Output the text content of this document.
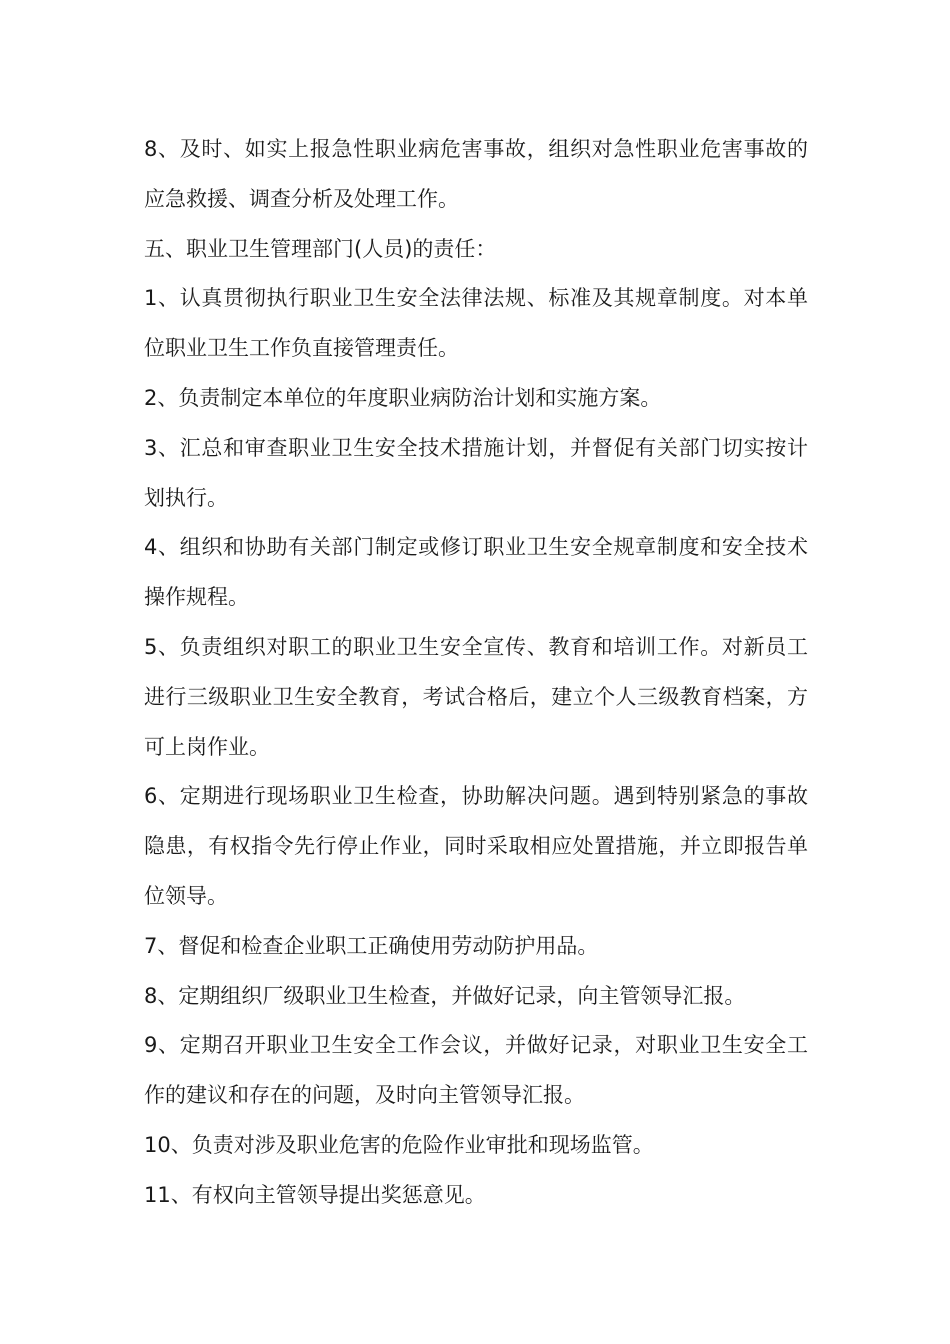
8、及时、如实上报急性职业病危害事故，组织对急性职业危害事故的应急救援、调查分析及处理工作。

五、职业卫生管理部门(人员)的责任：

1、认真贯彻执行职业卫生安全法律法规、标准及其规章制度。对本单位职业卫生工作负直接管理责任。

2、负责制定本单位的年度职业病防治计划和实施方案。

3、汇总和审查职业卫生安全技术措施计划，并督促有关部门切实按计划执行。

4、组织和协助有关部门制定或修订职业卫生安全规章制度和安全技术操作规程。

5、负责组织对职工的职业卫生安全宣传、教育和培训工作。对新员工进行三级职业卫生安全教育，考试合格后，建立个人三级教育档案，方可上岗作业。

6、定期进行现场职业卫生检查，协助解决问题。遇到特别紧急的事故隐患，有权指令先行停止作业，同时采取相应处置措施，并立即报告单位领导。

7、督促和检查企业职工正确使用劳动防护用品。

8、定期组织厂级职业卫生检查，并做好记录，向主管领导汇报。

9、定期召开职业卫生安全工作会议，并做好记录，对职业卫生安全工作的建议和存在的问题，及时向主管领导汇报。

10、负责对涉及职业危害的危险作业审批和现场监管。

11、有权向主管领导提出奖惩意见。
